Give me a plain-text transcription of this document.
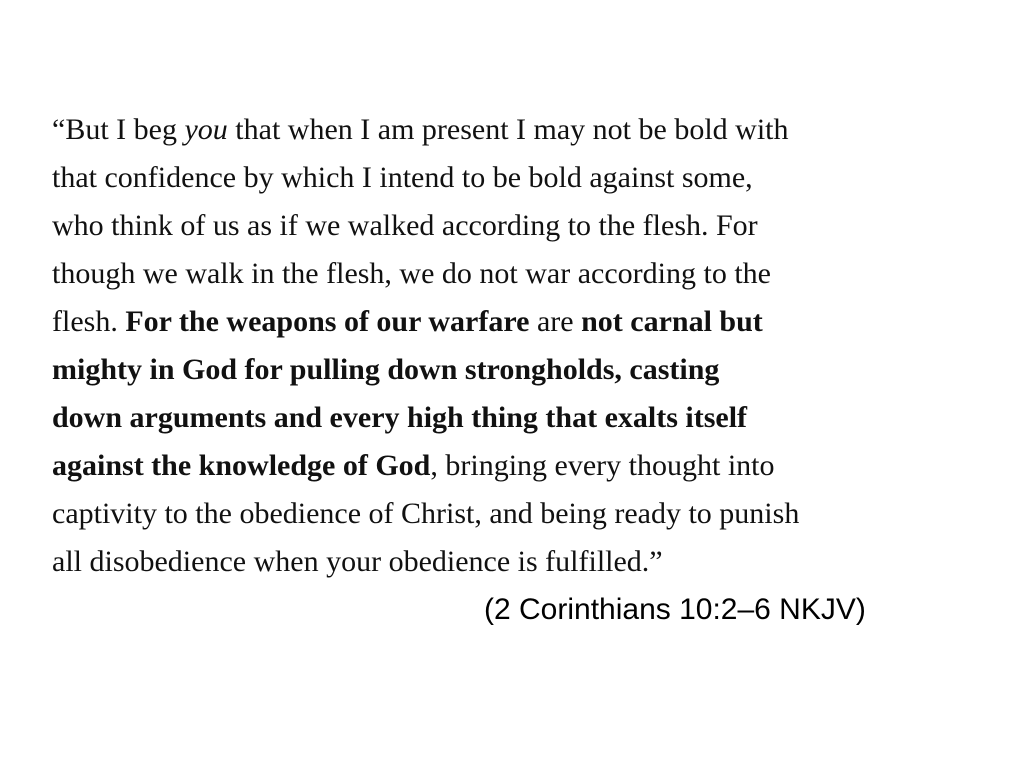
“But I beg you that when I am present I may not be bold with
that confidence by which I intend to be bold against some,
who think of us as if we walked according to the flesh. For
though we walk in the flesh, we do not war according to the
flesh. For the weapons of our warfare are not carnal but
mighty in God for pulling down strongholds, casting
down arguments and every high thing that exalts itself
against the knowledge of God, bringing every thought into
captivity to the obedience of Christ, and being ready to punish
all disobedience when your obedience is fulfilled.”
(2 Corinthians 10:2–6 NKJV)
